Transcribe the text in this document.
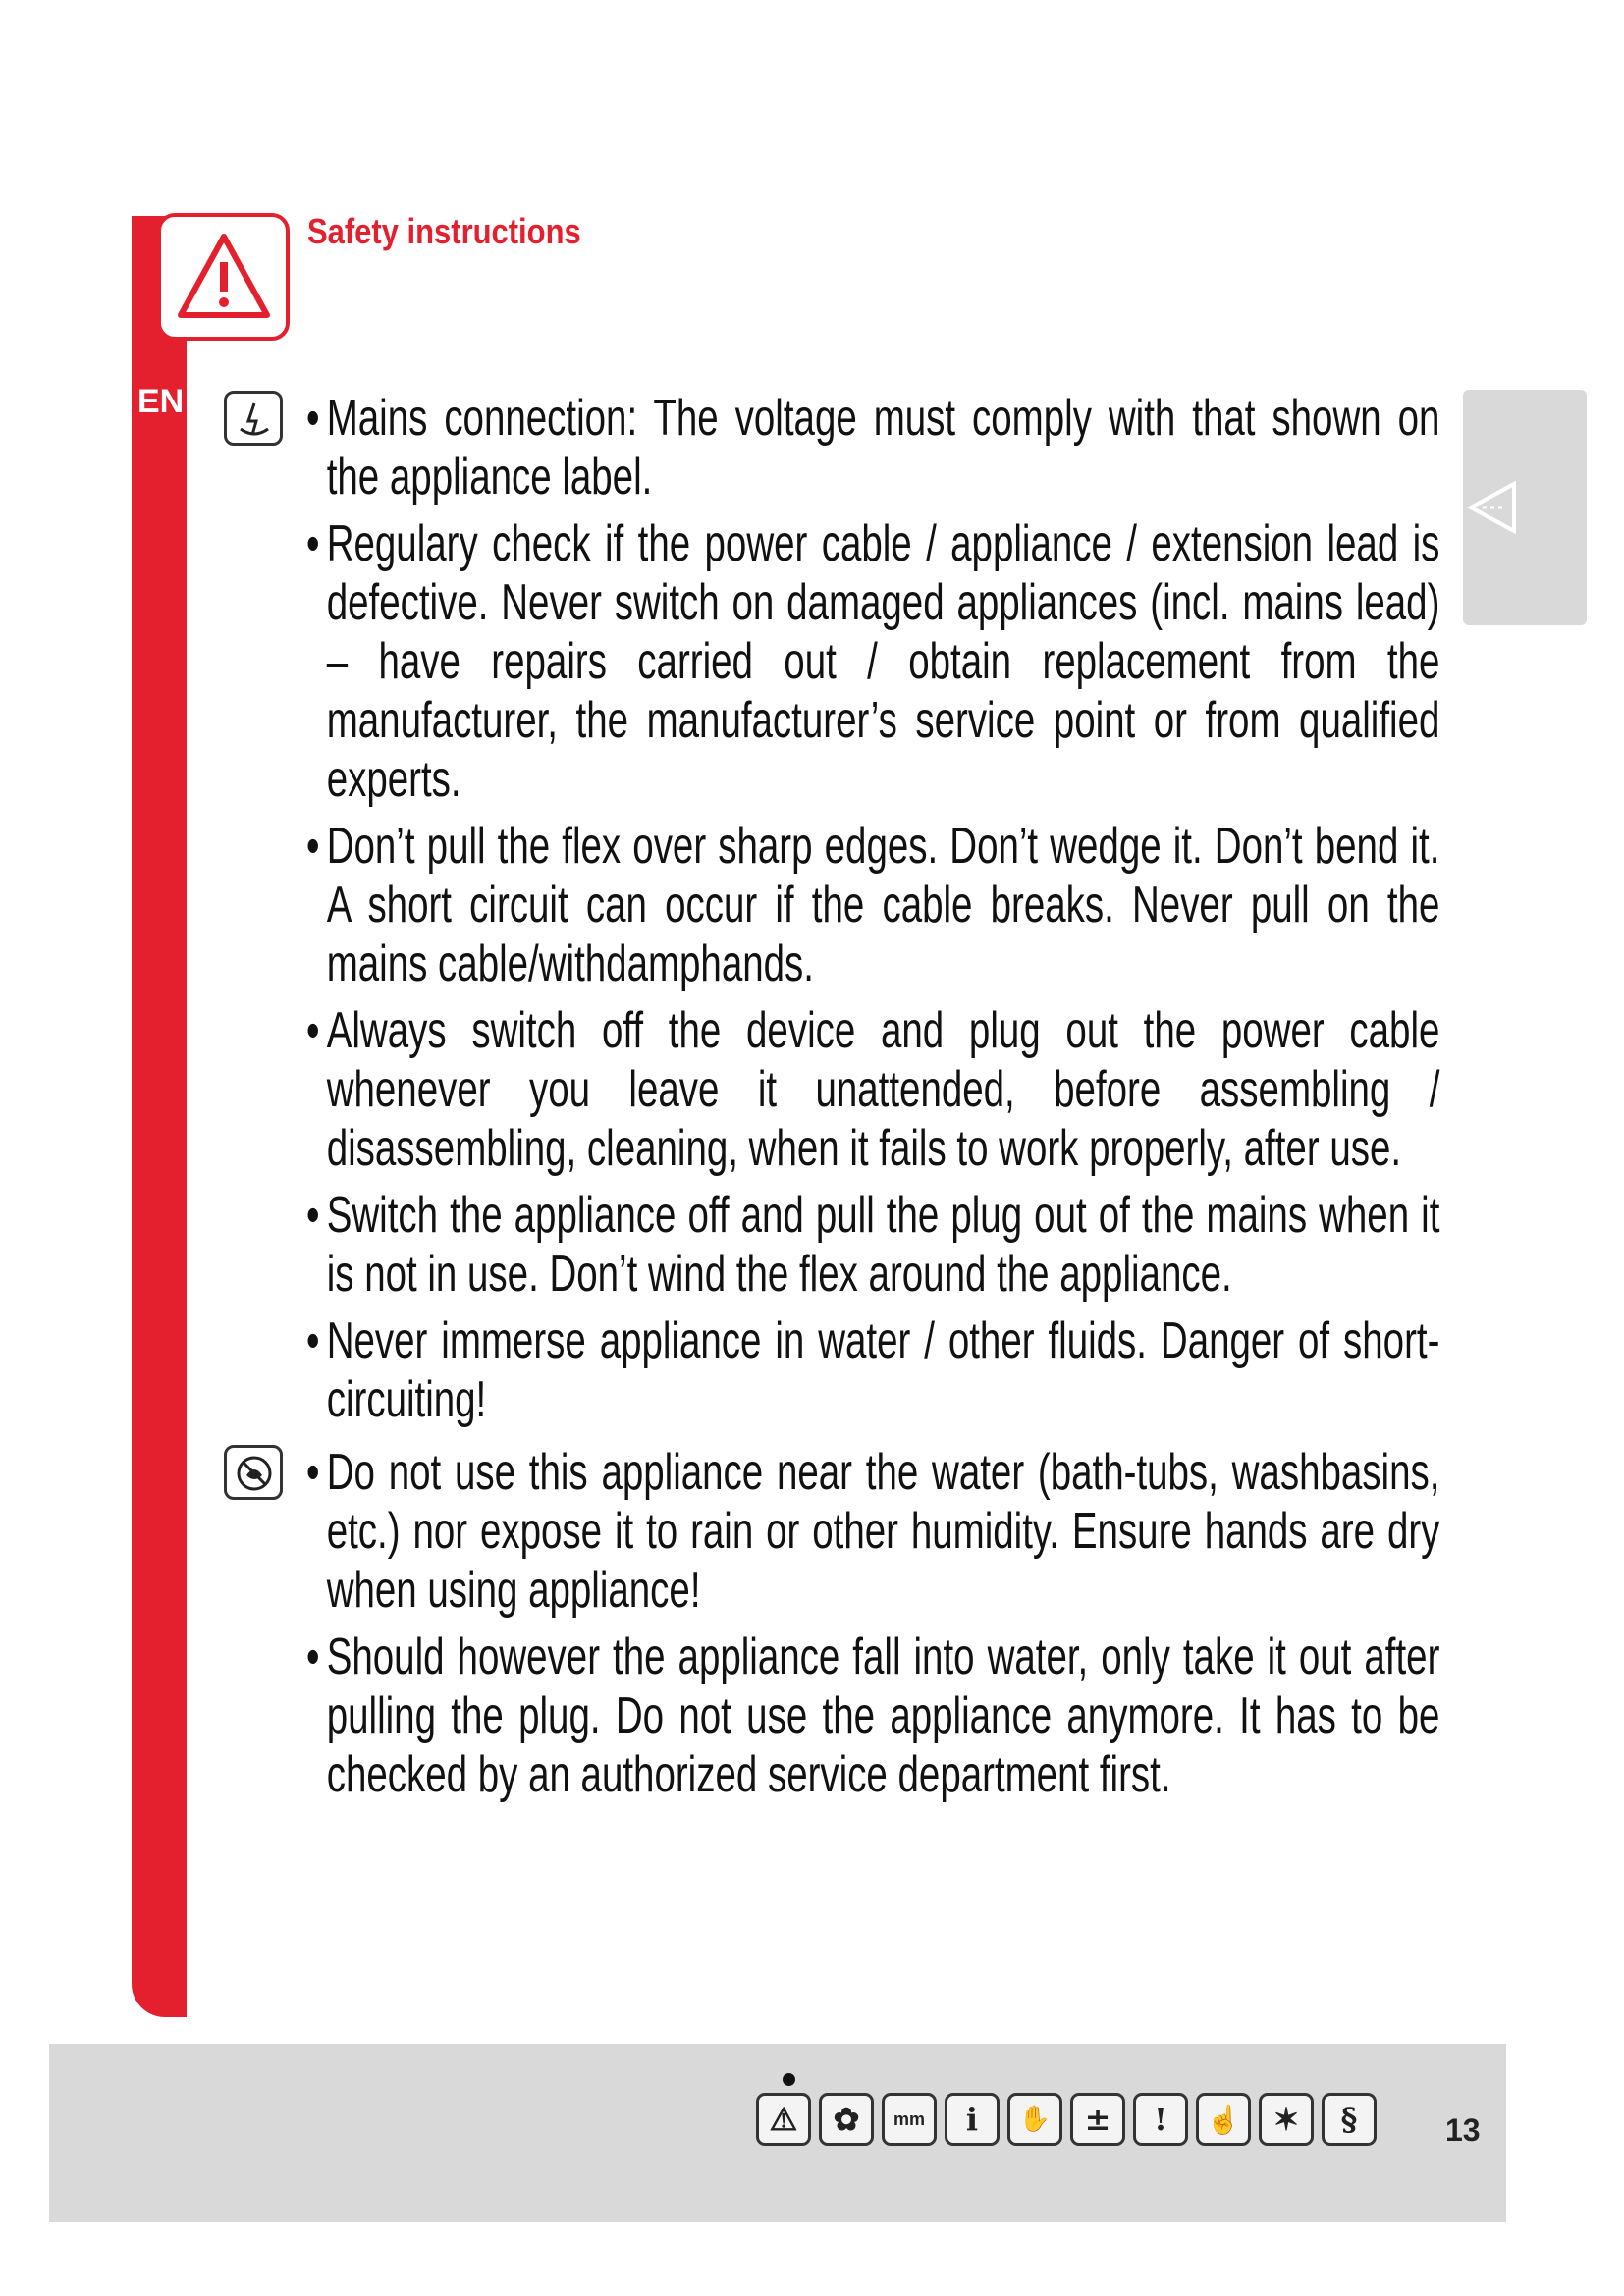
EN
Safety instructions
• Mains connection: The voltage must comply with that shown on the appliance label.
• Regulary check if the power cable / appliance / extension lead is defective. Never switch on damaged appliances (incl. mains lead) – have repairs carried out / obtain replacement from the manufacturer, the manufacturer’s service point or from qualified experts.
• Don’t pull the flex over sharp edges. Don’t wedge it. Don’t bend it. A short circuit can occur if the cable breaks. Never pull on the mains cable/withdamphands.
• Always switch off the device and plug out the power cable whenever you leave it unattended, before assembling / disassembling, cleaning, when it fails to work properly, after use.
• Switch the appliance off and pull the plug out of the mains when it is not in use. Don’t wind the flex around the appliance.
• Never immerse appliance in water / other fluids. Danger of short-circuiting!
• Do not use this appliance near the water (bath-tubs, washbasins, etc.) nor expose it to rain or other humidity. Ensure hands are dry when using appliance!
• Should however the appliance fall into water, only take it out after pulling the plug. Do not use the appliance anymore. It has to be checked by an authorized service department first.
⚠	✿	mm	i	✋	±	!	☝	✶	§	13
